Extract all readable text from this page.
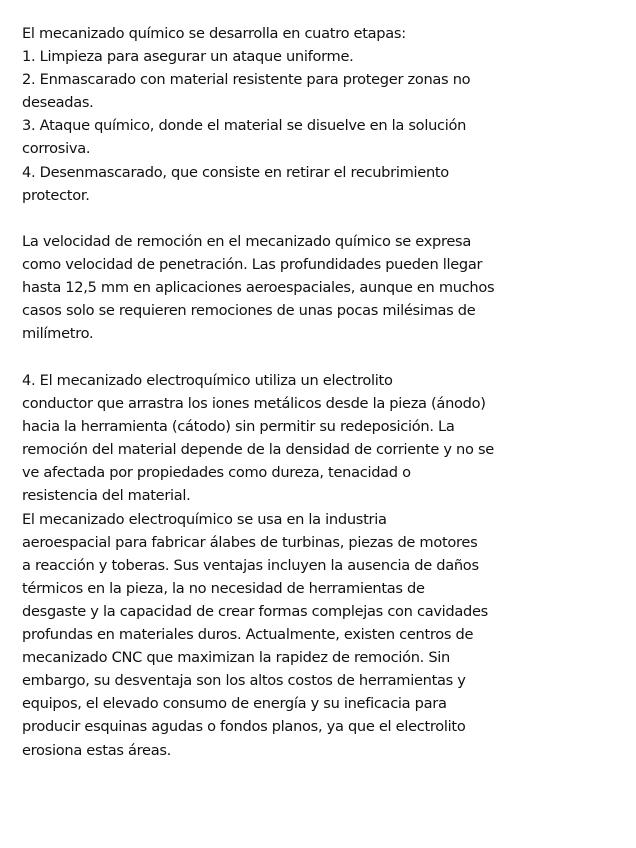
El mecanizado químico se desarrolla en cuatro etapas:
1. Limpieza para asegurar un ataque uniforme.
2. Enmascarado con material resistente para proteger zonas no
deseadas.
3. Ataque químico, donde el material se disuelve en la solución
corrosiva.
4. Desenmascarado, que consiste en retirar el recubrimiento
protector.
La velocidad de remoción en el mecanizado químico se expresa
como velocidad de penetración. Las profundidades pueden llegar
hasta 12,5 mm en aplicaciones aeroespaciales, aunque en muchos
casos solo se requieren remociones de unas pocas milésimas de
milímetro.
4. El mecanizado electroquímico utiliza un electrolito
conductor que arrastra los iones metálicos desde la pieza (ánodo)
hacia la herramienta (cátodo) sin permitir su redeposición. La
remoción del material depende de la densidad de corriente y no se
ve afectada por propiedades como dureza, tenacidad o
resistencia del material.
El mecanizado electroquímico se usa en la industria
aeroespacial para fabricar álabes de turbinas, piezas de motores
a reacción y toberas. Sus ventajas incluyen la ausencia de daños
térmicos en la pieza, la no necesidad de herramientas de
desgaste y la capacidad de crear formas complejas con cavidades
profundas en materiales duros. Actualmente, existen centros de
mecanizado CNC que maximizan la rapidez de remoción. Sin
embargo, su desventaja son los altos costos de herramientas y
equipos, el elevado consumo de energía y su ineficacia para
producir esquinas agudas o fondos planos, ya que el electrolito
erosiona estas áreas.
